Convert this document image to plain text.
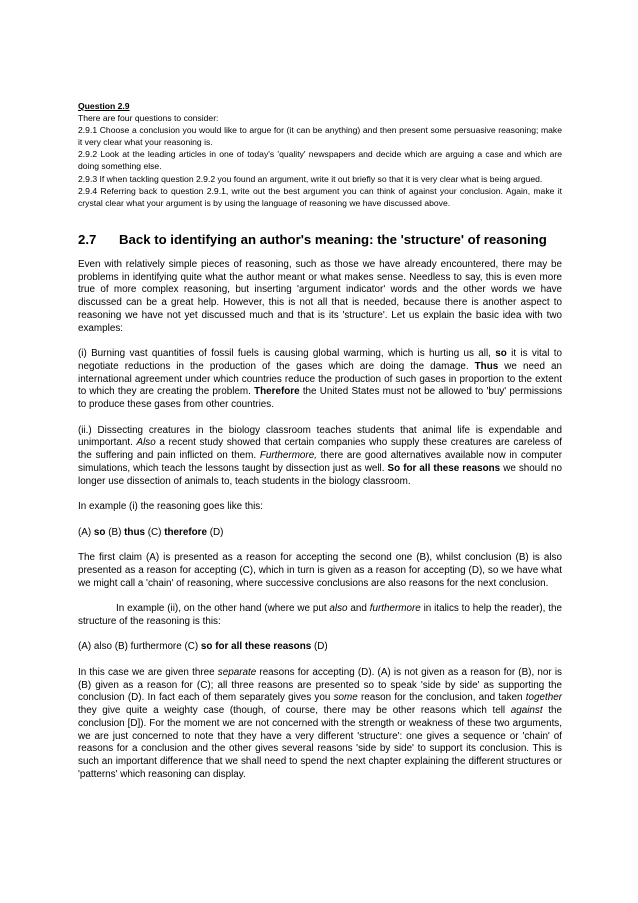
Question 2.9

There are four questions to consider:

2.9.1 Choose a conclusion you would like to argue for (it can be anything) and then present some persuasive reasoning; make it very clear what your reasoning is.

2.9.2 Look at the leading articles in one of today's 'quality' newspapers and decide which are arguing a case and which are doing something else.

2.9.3 If when tackling question 2.9.2 you found an argument, write it out briefly so that it is very clear what is being argued.

2.9.4 Referring back to question 2.9.1, write out the best argument you can think of against your conclusion. Again, make it crystal clear what your argument is by using the language of reasoning we have discussed above.

2.7	Back to identifying an author's meaning: the 'structure' of reasoning

Even with relatively simple pieces of reasoning, such as those we have already encountered, there may be problems in identifying quite what the author meant or what makes sense. Needless to say, this is even more true of more complex reasoning, but inserting 'argument indicator' words and the other words we have discussed can be a great help. However, this is not all that is needed, because there is another aspect to reasoning we have not yet discussed much and that is its 'structure'. Let us explain the basic idea with two examples:

(i) Burning vast quantities of fossil fuels is causing global warming, which is hurting us all, so it is vital to negotiate reductions in the production of the gases which are doing the damage. Thus we need an international agreement under which countries reduce the production of such gases in proportion to the extent to which they are creating the problem. Therefore the United States must not be allowed to 'buy' permissions to produce these gases from other countries.

(ii.) Dissecting creatures in the biology classroom teaches students that animal life is expendable and unimportant. Also a recent study showed that certain companies who supply these creatures are careless of the suffering and pain inflicted on them. Furthermore, there are good alternatives available now in computer simulations, which teach the lessons taught by dissection just as well. So for all these reasons we should no longer use dissection of animals to, teach students in the biology classroom.

In example (i) the reasoning goes like this:

(A) so (B) thus (C) therefore (D)

The first claim (A) is presented as a reason for accepting the second one (B), whilst conclusion (B) is also presented as a reason for accepting (C), which in turn is given as a reason for accepting (D), so we have what we might call a 'chain' of reasoning, where successive conclusions are also reasons for the next conclusion.

In example (ii), on the other hand (where we put also and furthermore in italics to help the reader), the structure of the reasoning is this:

(A) also (B) furthermore (C) so for all these reasons (D)

In this case we are given three separate reasons for accepting (D). (A) is not given as a reason for (B), nor is (B) given as a reason for (C); all three reasons are presented so to speak 'side by side' as supporting the conclusion (D). In fact each of them separately gives you some reason for the conclusion, and taken together they give quite a weighty case (though, of course, there may be other reasons which tell against the conclusion [D]). For the moment we are not concerned with the strength or weakness of these two arguments, we are just concerned to note that they have a very different 'structure': one gives a sequence or 'chain' of reasons for a conclusion and the other gives several reasons 'side by side' to support its conclusion. This is such an important difference that we shall need to spend the next chapter explaining the different structures or 'patterns' which reasoning can display.
